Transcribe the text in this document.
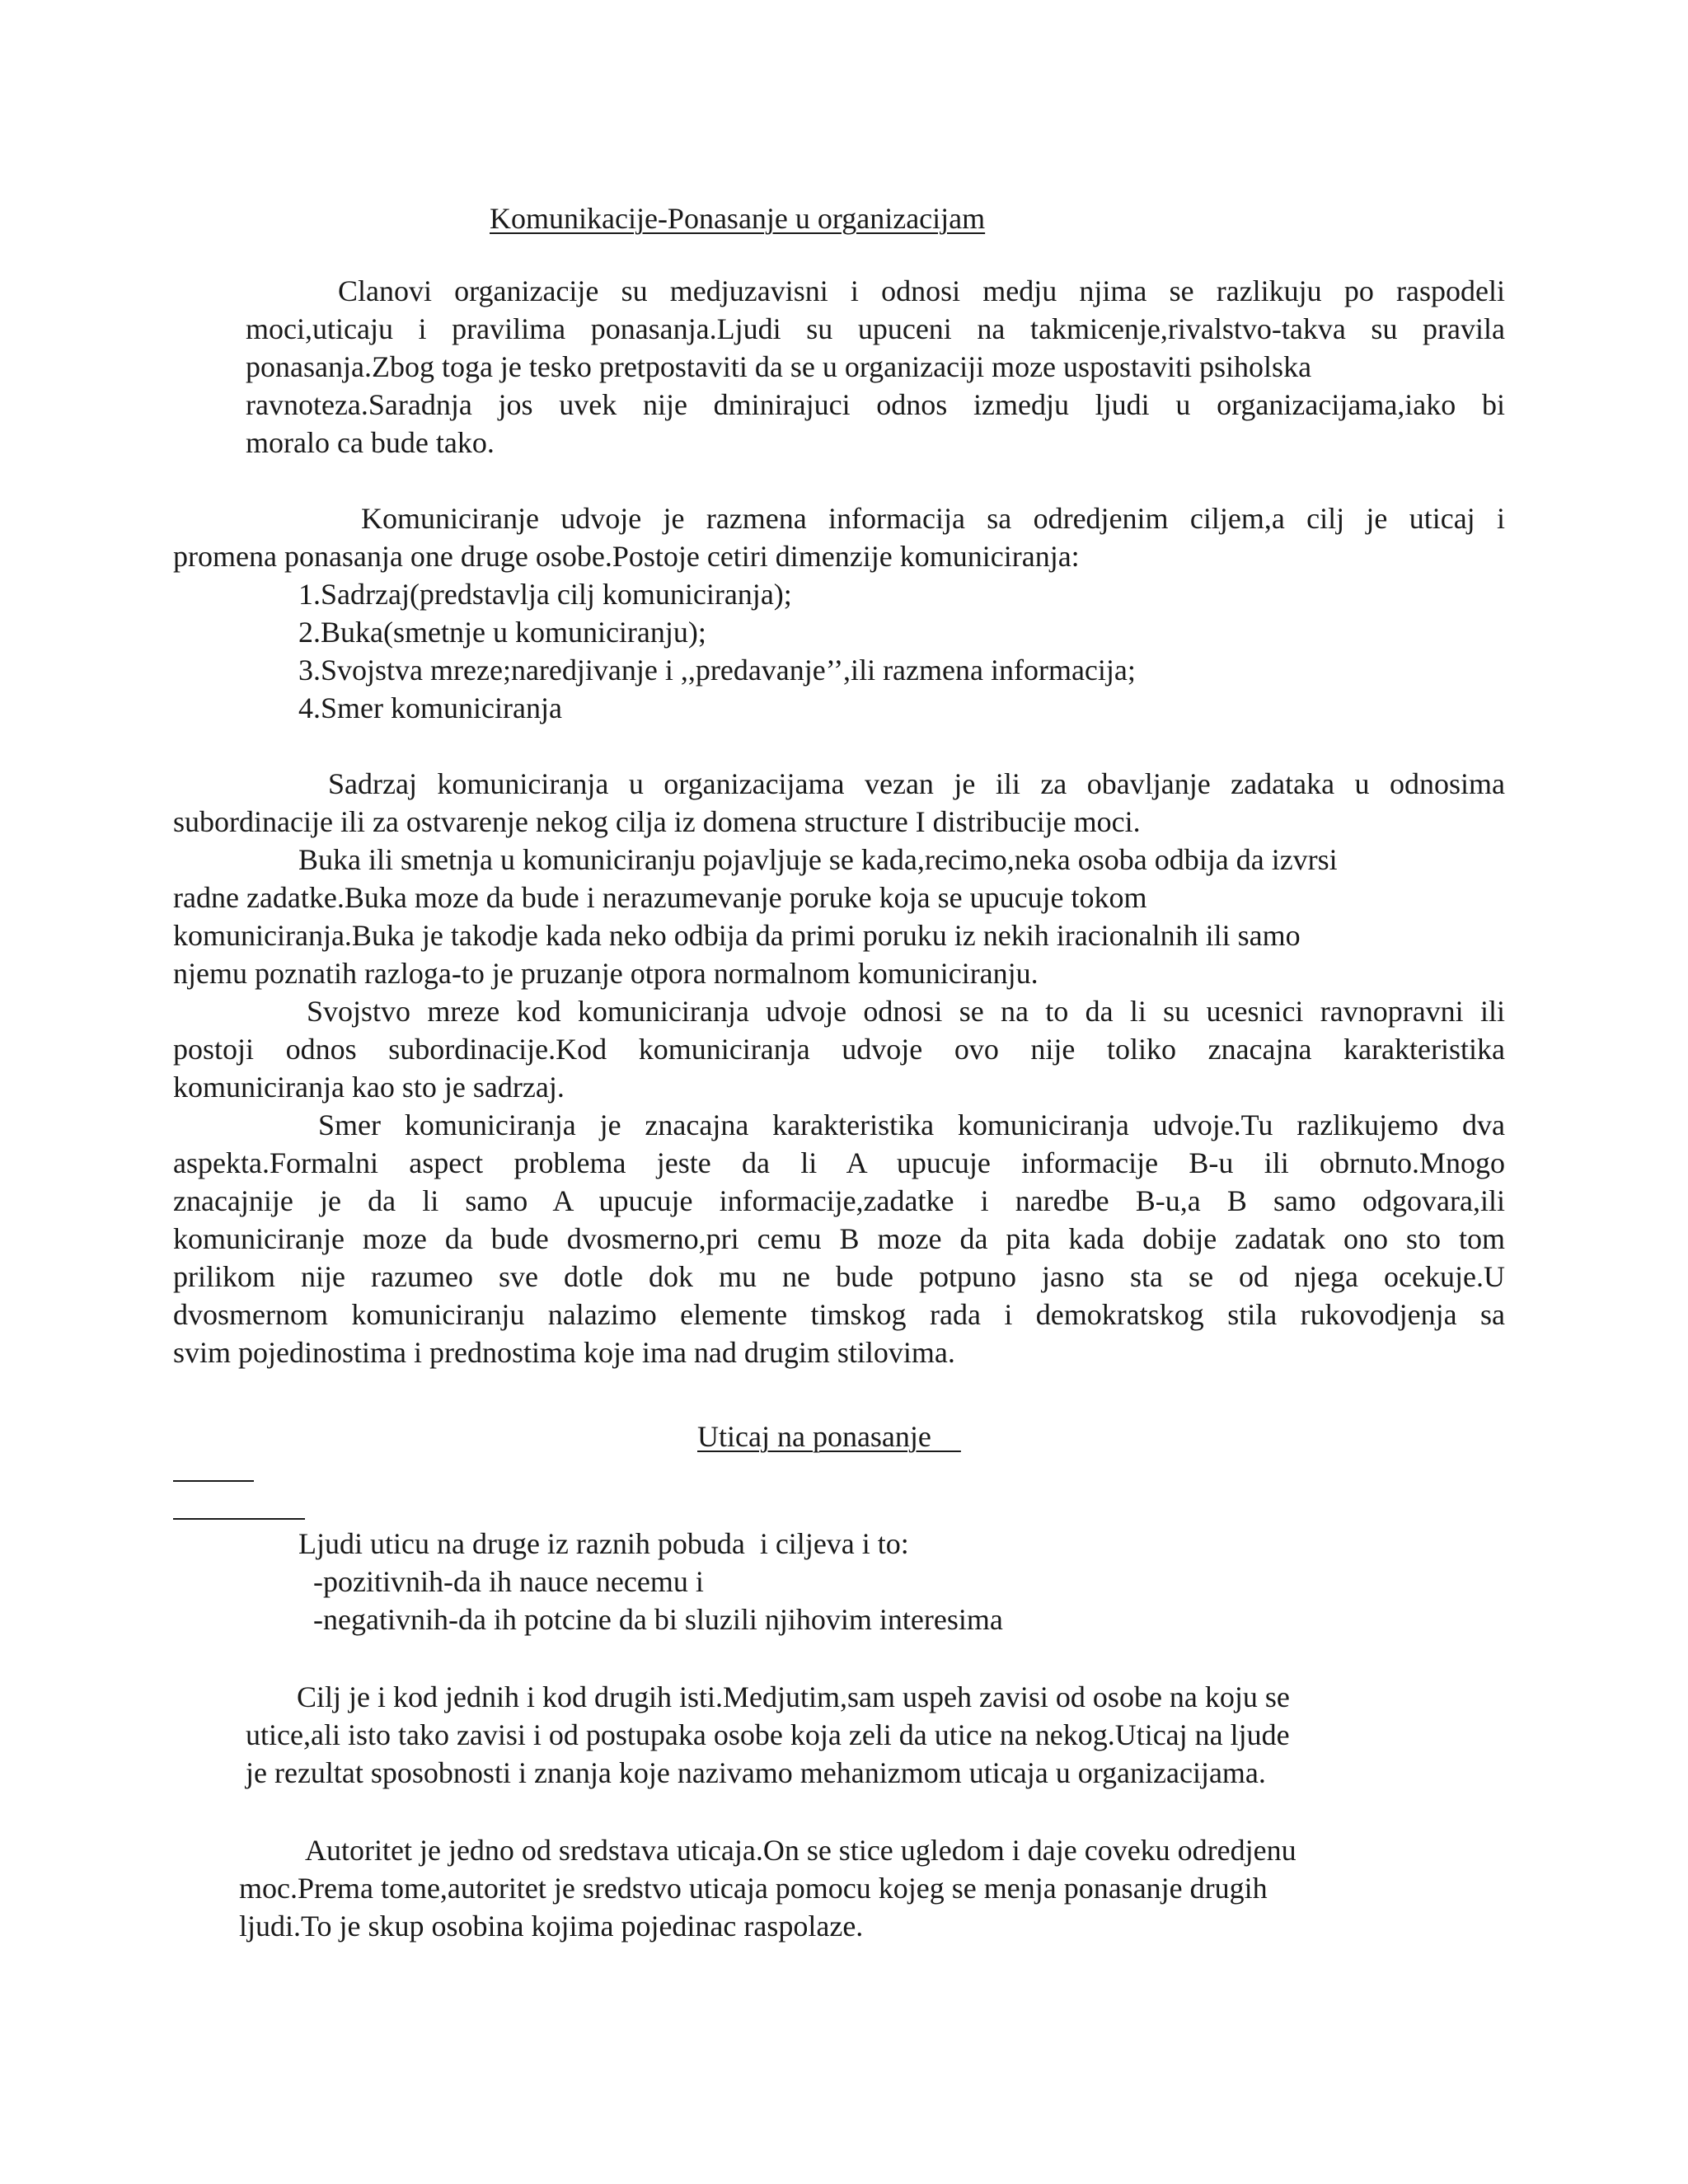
Komunikacije-Ponasanje u organizacijam
Clanovi organizacije su medjuzavisni i odnosi medju njima se razlikuju po raspodeli
moci,uticaju i pravilima ponasanja.Ljudi su upuceni na takmicenje,rivalstvo-takva su pravila
ponasanja.Zbog toga je tesko pretpostaviti da se u organizaciji moze uspostaviti psiholska
ravnoteza.Saradnja jos uvek nije dminirajuci odnos izmedju ljudi u organizacijama,iako bi
moralo ca bude tako.
Komuniciranje udvoje je razmena informacija sa odredjenim ciljem,a cilj je uticaj i
promena ponasanja one druge osobe.Postoje cetiri dimenzije komuniciranja:
1.Sadrzaj(predstavlja cilj komuniciranja);
2.Buka(smetnje u komuniciranju);
3.Svojstva mreze;naredjivanje i ,,predavanje’’,ili razmena informacija;
4.Smer komuniciranja
Sadrzaj komuniciranja u organizacijama vezan je ili za obavljanje zadataka u odnosima
subordinacije ili za ostvarenje nekog cilja iz domena structure I distribucije moci.
Buka ili smetnja u komuniciranju pojavljuje se kada,recimo,neka osoba odbija da izvrsi
radne zadatke.Buka moze da bude i nerazumevanje poruke koja se upucuje tokom
komuniciranja.Buka je takodje kada neko odbija da primi poruku iz nekih iracionalnih ili samo
njemu poznatih razloga-to je pruzanje otpora normalnom komuniciranju.
Svojstvo mreze kod komuniciranja udvoje odnosi se na to da li su ucesnici ravnopravni ili
postoji odnos subordinacije.Kod komuniciranja udvoje ovo nije toliko znacajna karakteristika
komuniciranja kao sto je sadrzaj.
Smer komuniciranja je znacajna karakteristika komuniciranja udvoje.Tu razlikujemo dva
aspekta.Formalni aspect problema jeste da li A upucuje informacije B-u ili obrnuto.Mnogo
znacajnije je da li samo A upucuje informacije,zadatke i naredbe B-u,a B samo odgovara,ili
komuniciranje moze da bude dvosmerno,pri cemu B moze da pita kada dobije zadatak ono sto tom
prilikom nije razumeo sve dotle dok mu ne bude potpuno jasno sta se od njega ocekuje.U
dvosmernom komuniciranju nalazimo elemente timskog rada i demokratskog stila rukovodjenja sa
svim pojedinostima i prednostima koje ima nad drugim stilovima.
Uticaj na ponasanje
Ljudi uticu na druge iz raznih pobuda  i ciljeva i to:
-pozitivnih-da ih nauce necemu i
-negativnih-da ih potcine da bi sluzili njihovim interesima
Cilj je i kod jednih i kod drugih isti.Medjutim,sam uspeh zavisi od osobe na koju se
utice,ali isto tako zavisi i od postupaka osobe koja zeli da utice na nekog.Uticaj na ljude
je rezultat sposobnosti i znanja koje nazivamo mehanizmom uticaja u organizacijama.
Autoritet je jedno od sredstava uticaja.On se stice ugledom i daje coveku odredjenu
moc.Prema tome,autoritet je sredstvo uticaja pomocu kojeg se menja ponasanje drugih
ljudi.To je skup osobina kojima pojedinac raspolaze.
